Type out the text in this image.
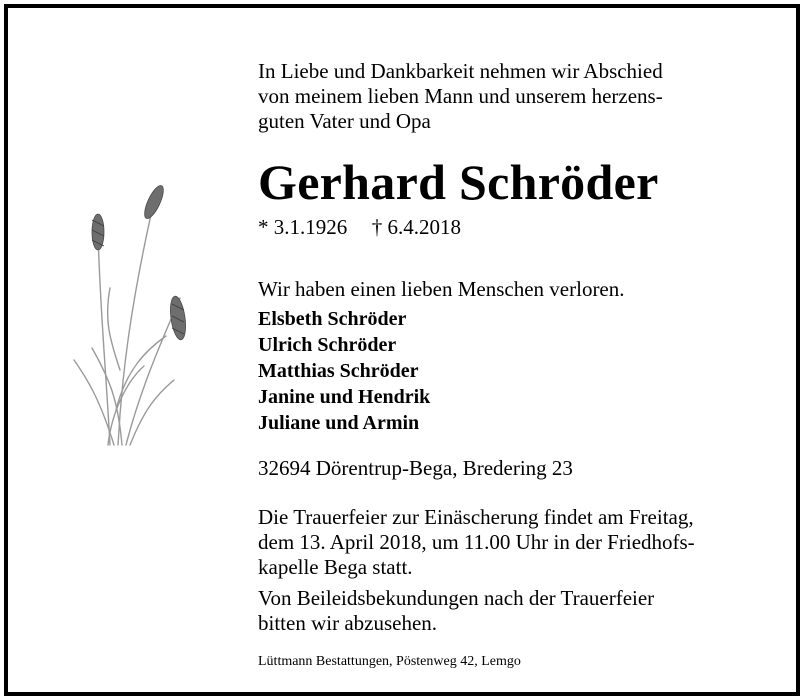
In Liebe und Dankbarkeit nehmen wir Abschied
von meinem lieben Mann und unserem herzens-
guten Vater und Opa
Gerhard Schröder
* 3.1.1926 † 6.4.2018
Wir haben einen lieben Menschen verloren.
Elsbeth Schröder
Ulrich Schröder
Matthias Schröder
Janine und Hendrik
Juliane und Armin
32694 Dörentrup-Bega, Bredering 23
Die Trauerfeier zur Einäscherung findet am Freitag,
dem 13. April 2018, um 11.00 Uhr in der Friedhofs-
kapelle Bega statt.
Von Beileidsbekundungen nach der Trauerfeier
bitten wir abzusehen.
Lüttmann Bestattungen, Pöstenweg 42, Lemgo
